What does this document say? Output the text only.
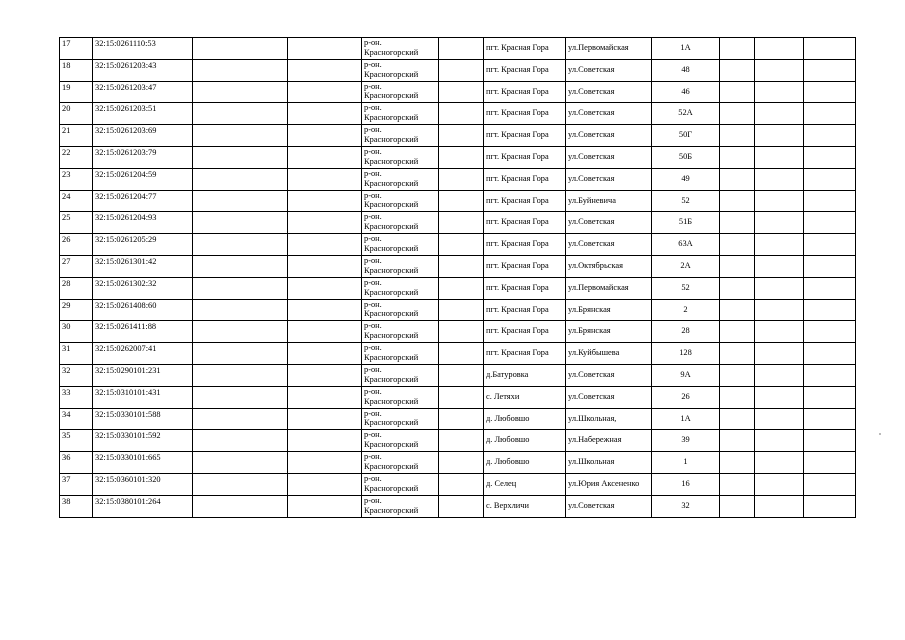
17	32:15:0261110:53			р-он.
Красногорский		пгт. Красная Гора	ул.Первомайская	1А			
18	32:15:0261203:43			р-он.
Красногорский		пгт. Красная Гора	ул.Советская	48			
19	32:15:0261203:47			р-он.
Красногорский		пгт. Красная Гора	ул.Советская	46			
20	32:15:0261203:51			р-он.
Красногорский		пгт. Красная Гора	ул.Советская	52А			
21	32:15:0261203:69			р-он.
Красногорский		пгт. Красная Гора	ул.Советская	50Г			
22	32:15:0261203:79			р-он.
Красногорский		пгт. Красная Гора	ул.Советская	50Б			
23	32:15:0261204:59			р-он.
Красногорский		пгт. Красная Гора	ул.Советская	49			
24	32:15:0261204:77			р-он.
Красногорский		пгт. Красная Гора	ул.Буйневича	52			
25	32:15:0261204:93			р-он.
Красногорский		пгт. Красная Гора	ул.Советская	51Б			
26	32:15:0261205:29			р-он.
Красногорский		пгт. Красная Гора	ул.Советская	63А			
27	32:15:0261301:42			р-он.
Красногорский		пгт. Красная Гора	ул.Октябрьская	2А			
28	32:15:0261302:32			р-он.
Красногорский		пгт. Красная Гора	ул.Первомайская	52			
29	32:15:0261408:60			р-он.
Красногорский		пгт. Красная Гора	ул.Брянская	2			
30	32:15:0261411:88			р-он.
Красногорский		пгт. Красная Гора	ул.Брянская	28			
31	32:15:0262007:41			р-он.
Красногорский		пгт. Красная Гора	ул.Куйбышева	128			
32	32:15:0290101:231			р-он.
Красногорский		д.Батуровка	ул.Советская	9А			
33	32:15:0310101:431			р-он.
Красногорский		с. Летяхи	ул.Советская	26			
34	32:15:0330101:588			р-он.
Красногорский		д. Любовшо	ул.Школьная,	1А			
35	32:15:0330101:592			р-он.
Красногорский		д. Любовшо	ул.Набережная	39			
36	32:15:0330101:665			р-он.
Красногорский		д. Любовшо	ул.Школьная	1			
37	32:15:0360101:320			р-он.
Красногорский		д. Селец	ул.Юрия Аксененко	16			
38	32:15:0380101:264			р-он.
Красногорский		с. Верхличи	ул.Советская	32			
